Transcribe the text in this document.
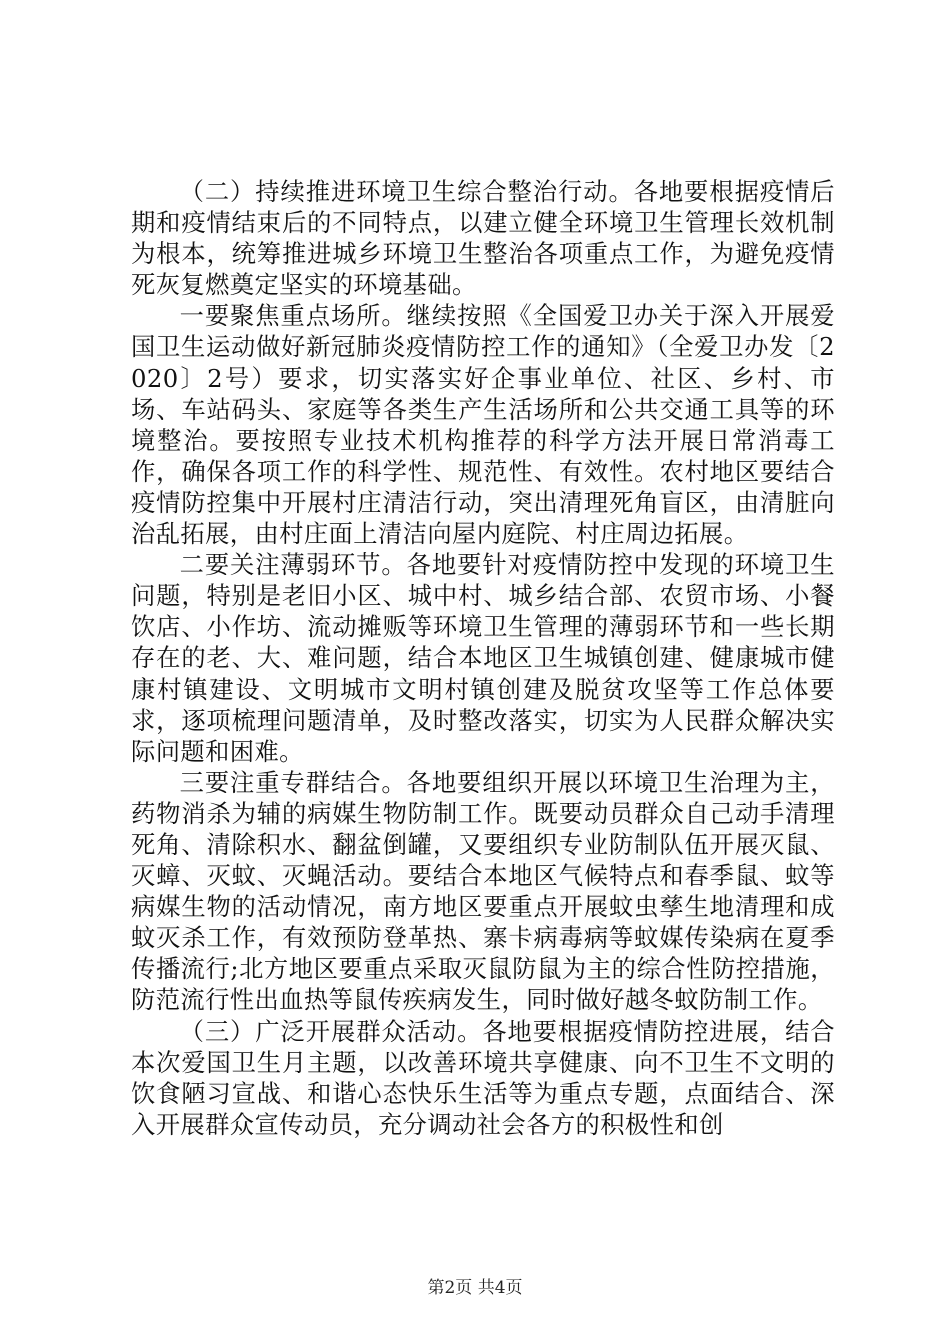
（二）持续推进环境卫生综合整治行动。各地要根据疫情后期和疫情结束后的不同特点，以建立健全环境卫生管理长效机制为根本，统筹推进城乡环境卫生整治各项重点工作，为避免疫情死灰复燃奠定坚实的环境基础。

一要聚焦重点场所。继续按照《全国爱卫办关于深入开展爱国卫生运动做好新冠肺炎疫情防控工作的通知》（全爱卫办发〔2020〕2号）要求，切实落实好企事业单位、社区、乡村、市场、车站码头、家庭等各类生产生活场所和公共交通工具等的环境整治。要按照专业技术机构推荐的科学方法开展日常消毒工作，确保各项工作的科学性、规范性、有效性。农村地区要结合疫情防控集中开展村庄清洁行动，突出清理死角盲区，由清脏向治乱拓展，由村庄面上清洁向屋内庭院、村庄周边拓展。

二要关注薄弱环节。各地要针对疫情防控中发现的环境卫生问题，特别是老旧小区、城中村、城乡结合部、农贸市场、小餐饮店、小作坊、流动摊贩等环境卫生管理的薄弱环节和一些长期存在的老、大、难问题，结合本地区卫生城镇创建、健康城市健康村镇建设、文明城市文明村镇创建及脱贫攻坚等工作总体要求，逐项梳理问题清单，及时整改落实，切实为人民群众解决实际问题和困难。

三要注重专群结合。各地要组织开展以环境卫生治理为主，药物消杀为辅的病媒生物防制工作。既要动员群众自己动手清理死角、清除积水、翻盆倒罐，又要组织专业防制队伍开展灭鼠、灭蟑、灭蚊、灭蝇活动。要结合本地区气候特点和春季鼠、蚊等病媒生物的活动情况，南方地区要重点开展蚊虫孳生地清理和成蚊灭杀工作，有效预防登革热、寨卡病毒病等蚊媒传染病在夏季传播流行;北方地区要重点采取灭鼠防鼠为主的综合性防控措施，防范流行性出血热等鼠传疾病发生，同时做好越冬蚊防制工作。

（三）广泛开展群众活动。各地要根据疫情防控进展，结合本次爱国卫生月主题，以改善环境共享健康、向不卫生不文明的饮食陋习宣战、和谐心态快乐生活等为重点专题，点面结合、深入开展群众宣传动员，充分调动社会各方的积极性和创

第2页 共4页
